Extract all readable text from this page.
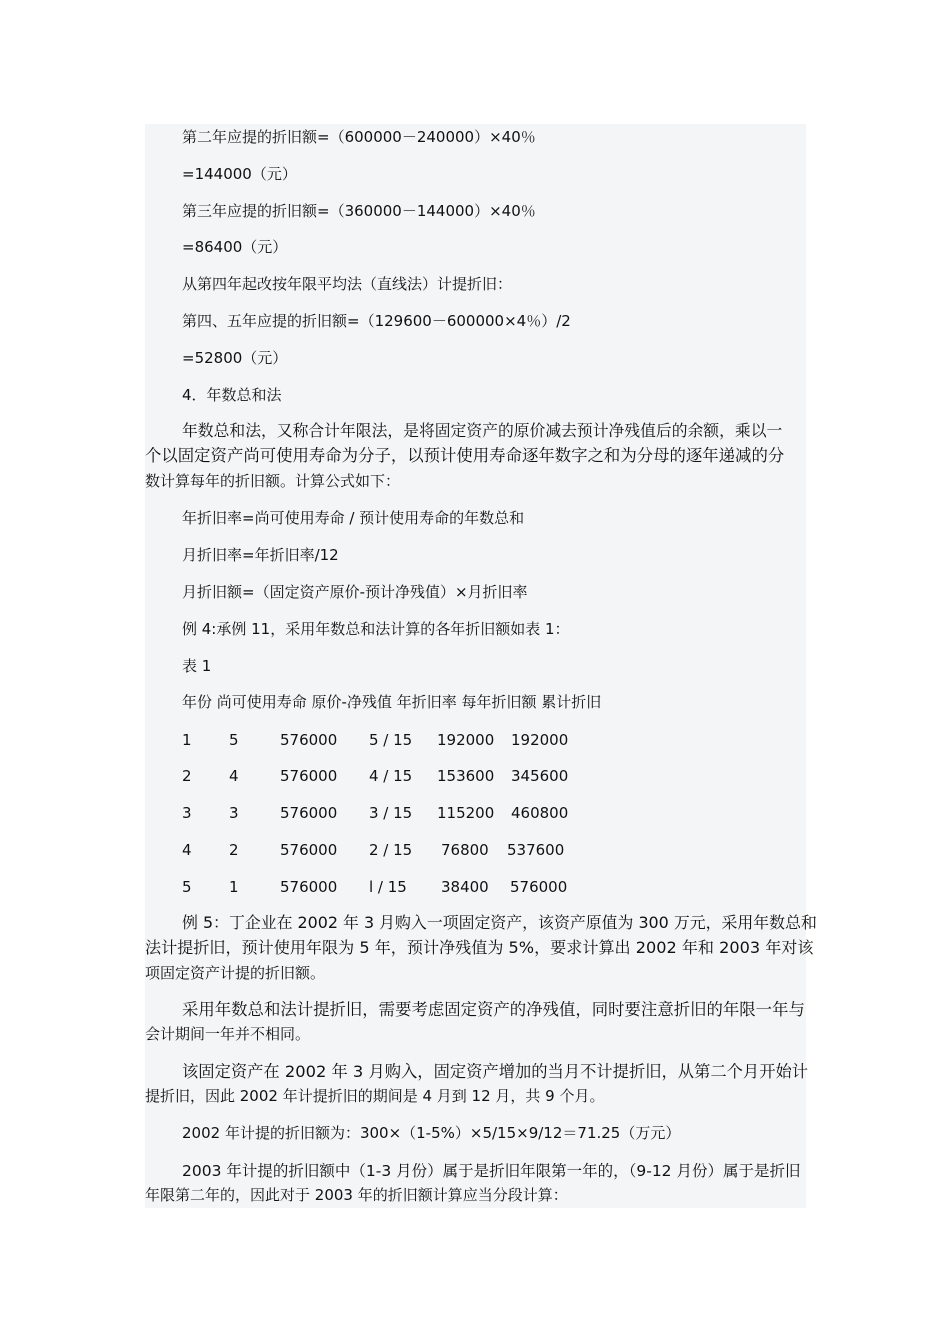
第二年应提的折旧额=（600000－240000）×40％

=144000（元）

第三年应提的折旧额=（360000－144000）×40％

=86400（元）

从第四年起改按年限平均法（直线法）计提折旧：

第四、五年应提的折旧额=（129600－600000×4％）/2

=52800（元）

4．年数总和法

年数总和法，又称合计年限法，是将固定资产的原价减去预计净残值后的余额，乘以一

个以固定资产尚可使用寿命为分子，以预计使用寿命逐年数字之和为分母的逐年递减的分

数计算每年的折旧额。计算公式如下：

年折旧率=尚可使用寿命 / 预计使用寿命的年数总和

月折旧率=年折旧率/12

月折旧额=（固定资产原价-预计净残值）×月折旧率

例 4:承例 11，采用年数总和法计算的各年折旧额如表 1：

表 1

年份 尚可使用寿命 原价-净残值 年折旧率 每年折旧额 累计折旧

1 5	576000 5 / 15 192000 192000
2 4	576000 4 / 15 153600 345600
3 3	576000 3 / 15 115200 460800
4 2	576000 2 / 15 76800 537600
5 1	576000 l / 15 38400 576000

例 5：丁企业在 2002 年 3 月购入一项固定资产，该资产原值为 300 万元，采用年数总和

法计提折旧，预计使用年限为 5 年，预计净残值为 5%，要求计算出 2002 年和 2003 年对该

项固定资产计提的折旧额。

采用年数总和法计提折旧，需要考虑固定资产的净残值，同时要注意折旧的年限一年与

会计期间一年并不相同。

该固定资产在 2002 年 3 月购入，固定资产增加的当月不计提折旧，从第二个月开始计

提折旧，因此 2002 年计提折旧的期间是 4 月到 12 月，共 9 个月。

2002 年计提的折旧额为：300×（1-5%）×5/15×9/12＝71.25（万元）

2003 年计提的折旧额中（1-3 月份）属于是折旧年限第一年的，（9-12 月份）属于是折旧

年限第二年的，因此对于 2003 年的折旧额计算应当分段计算：
